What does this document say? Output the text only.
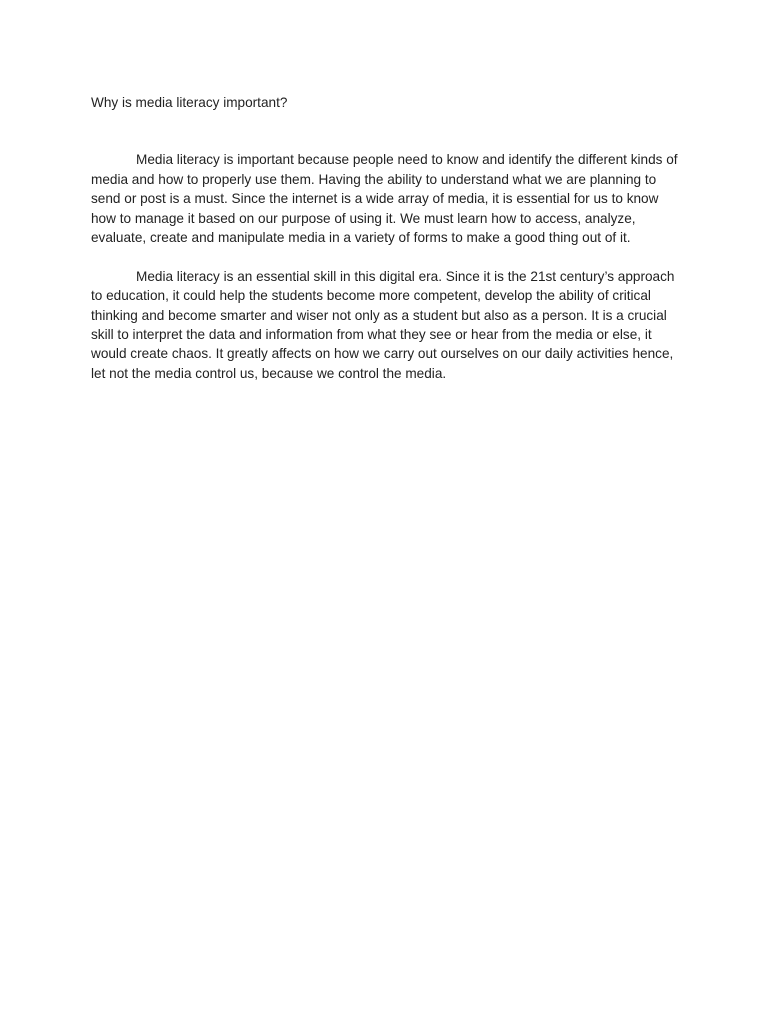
Why is media literacy important?

Media literacy is important because people need to know and identify the different kinds of media and how to properly use them. Having the ability to understand what we are planning to send or post is a must. Since the internet is a wide array of media, it is essential for us to know how to manage it based on our purpose of using it. We must learn how to access, analyze, evaluate, create and manipulate media in a variety of forms to make a good thing out of it.

Media literacy is an essential skill in this digital era. Since it is the 21st century’s approach to education, it could help the students become more competent, develop the ability of critical thinking and become smarter and wiser not only as a student but also as a person. It is a crucial skill to interpret the data and information from what they see or hear from the media or else, it would create chaos. It greatly affects on how we carry out ourselves on our daily activities hence, let not the media control us, because we control the media.
